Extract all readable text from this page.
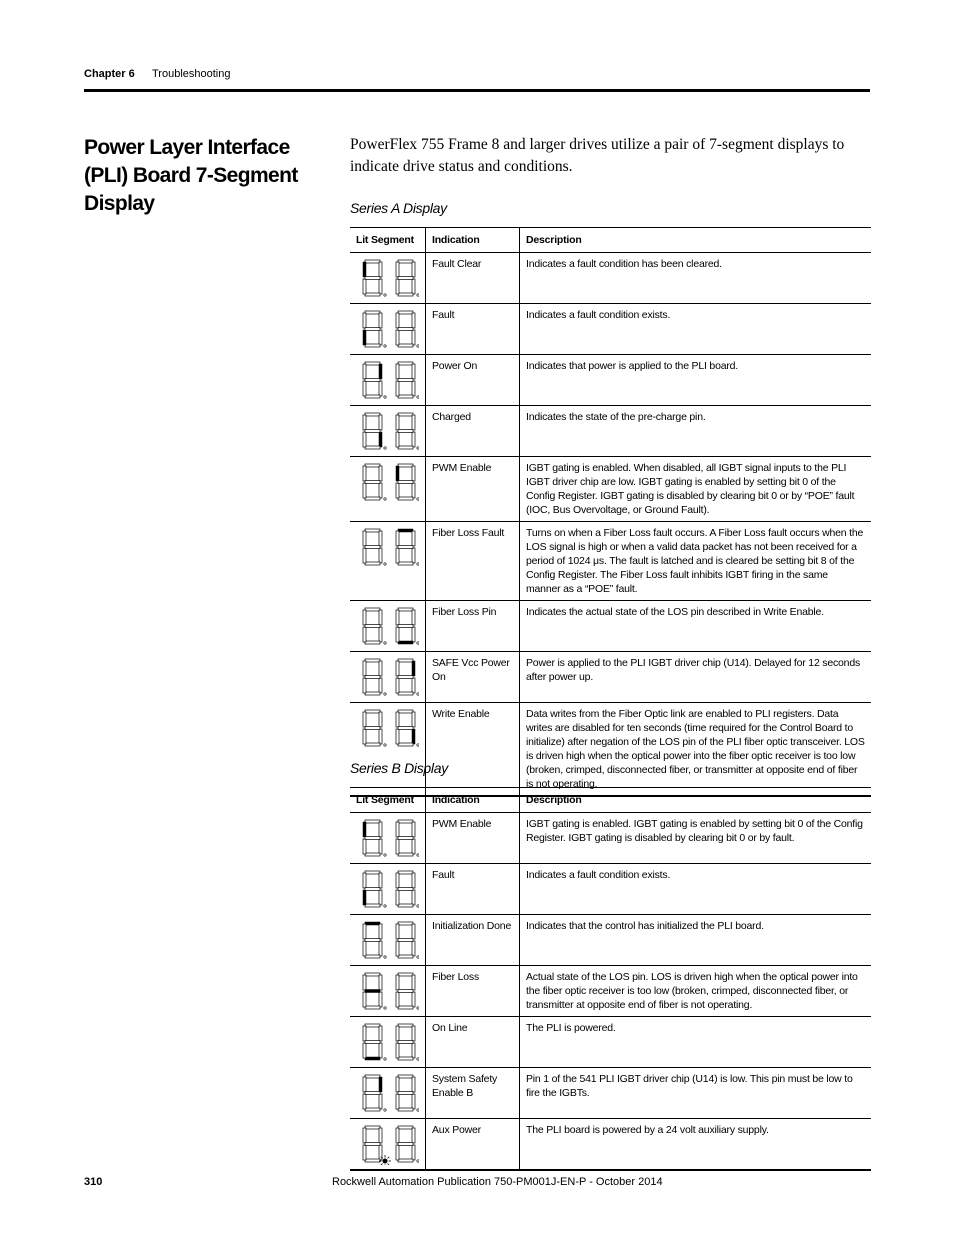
Chapter 6 Troubleshooting
Power Layer Interface (PLI) Board 7-Segment Display

PowerFlex 755 Frame 8 and larger drives utilize a pair of 7-segment displays to indicate drive status and conditions.

Series A Display
Lit Segment	Indication	Description

	Fault Clear	Indicates a fault condition has been cleared.

	Fault	Indicates a fault condition exists.

	Power On	Indicates that power is applied to the PLI board.

	Charged	Indicates the state of the pre-charge pin.

	PWM Enable	IGBT gating is enabled. When disabled, all IGBT signal inputs to the PLI IGBT driver chip are low. IGBT gating is enabled by setting bit 0 of the Config Register. IGBT gating is disabled by clearing bit 0 or by “POE” fault (IOC, Bus Overvoltage, or Ground Fault).

	Fiber Loss Fault	Turns on when a Fiber Loss fault occurs. A Fiber Loss fault occurs when the LOS signal is high or when a valid data packet has not been received for a period of 1024 μs. The fault is latched and is cleared be setting bit 8 of the Config Register. The Fiber Loss fault inhibits IGBT firing in the same manner as a “POE” fault.

	Fiber Loss Pin	Indicates the actual state of the LOS pin described in Write Enable.

	SAFE Vcc Power On	Power is applied to the PLI IGBT driver chip (U14). Delayed for 12 seconds after power up.

	Write Enable	Data writes from the Fiber Optic link are enabled to PLI registers. Data writes are disabled for ten seconds (time required for the Control Board to initialize) after negation of the LOS pin of the PLI fiber optic transceiver. LOS is driven high when the optical power into the fiber optic receiver is too low (broken, crimped, disconnected fiber, or transmitter at opposite end of fiber is not operating.
Series B Display
Lit Segment	Indication	Description

	PWM Enable	IGBT gating is enabled. IGBT gating is enabled by setting bit 0 of the Config Register. IGBT gating is disabled by clearing bit 0 or by fault.

	Fault	Indicates a fault condition exists.

	Initialization Done	Indicates that the control has initialized the PLI board.

	Fiber Loss	Actual state of the LOS pin. LOS is driven high when the optical power into the fiber optic receiver is too low (broken, crimped, disconnected fiber, or transmitter at opposite end of fiber is not operating.

	On Line	The PLI is powered.

	System Safety Enable B	Pin 1 of the 541 PLI IGBT driver chip (U14) is low. This pin must be low to fire the IGBTs.

	Aux Power	The PLI board is powered by a 24 volt auxiliary supply.
310	Rockwell Automation Publication 750-PM001J-EN-P - October 2014
